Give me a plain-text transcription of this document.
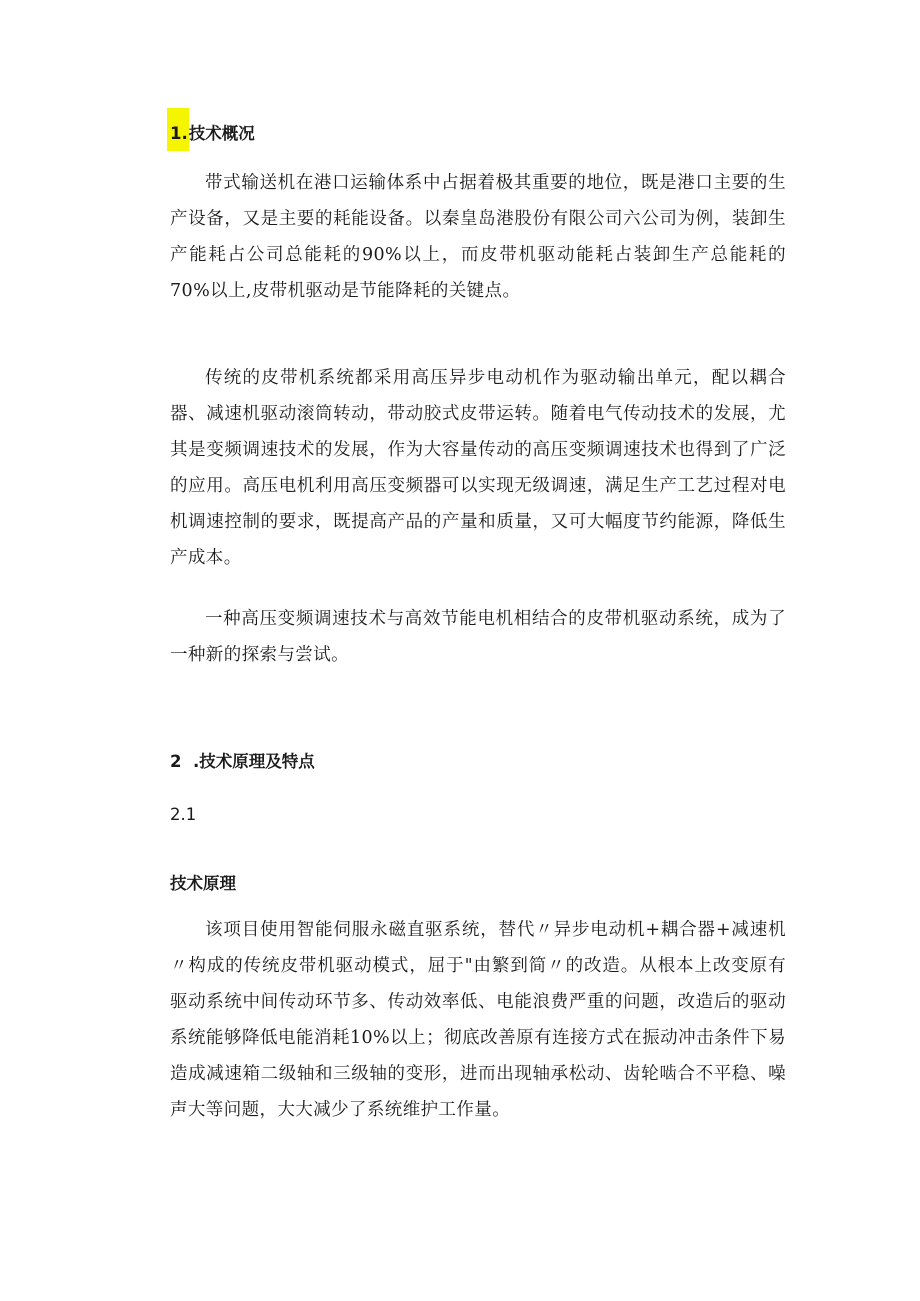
1.技术概况

带式输送机在港口运输体系中占据着极其重要的地位，既是港口主要的生产设备，又是主要的耗能设备。以秦皇岛港股份有限公司六公司为例，装卸生产能耗占公司总能耗的90%以上，而皮带机驱动能耗占装卸生产总能耗的70%以上,皮带机驱动是节能降耗的关键点。

传统的皮带机系统都采用高压异步电动机作为驱动输出单元，配以耦合器、减速机驱动滚筒转动，带动胶式皮带运转。随着电气传动技术的发展，尤其是变频调速技术的发展，作为大容量传动的高压变频调速技术也得到了广泛的应用。高压电机利用高压变频器可以实现无级调速，满足生产工艺过程对电机调速控制的要求，既提高产品的产量和质量，又可大幅度节约能源，降低生产成本。

一种高压变频调速技术与高效节能电机相结合的皮带机驱动系统，成为了一种新的探索与尝试。

2  .技术原理及特点

2.1

技术原理

该项目使用智能伺服永磁直驱系统，替代〃异步电动机+耦合器+减速机〃构成的传统皮带机驱动模式，屈于"由繁到简〃的改造。从根本上改变原有驱动系统中间传动环节多、传动效率低、电能浪费严重的问题，改造后的驱动系统能够降低电能消耗10%以上；彻底改善原有连接方式在振动冲击条件下易造成减速箱二级轴和三级轴的变形，进而出现轴承松动、齿轮啮合不平稳、噪声大等问题，大大减少了系统维护工作量。
